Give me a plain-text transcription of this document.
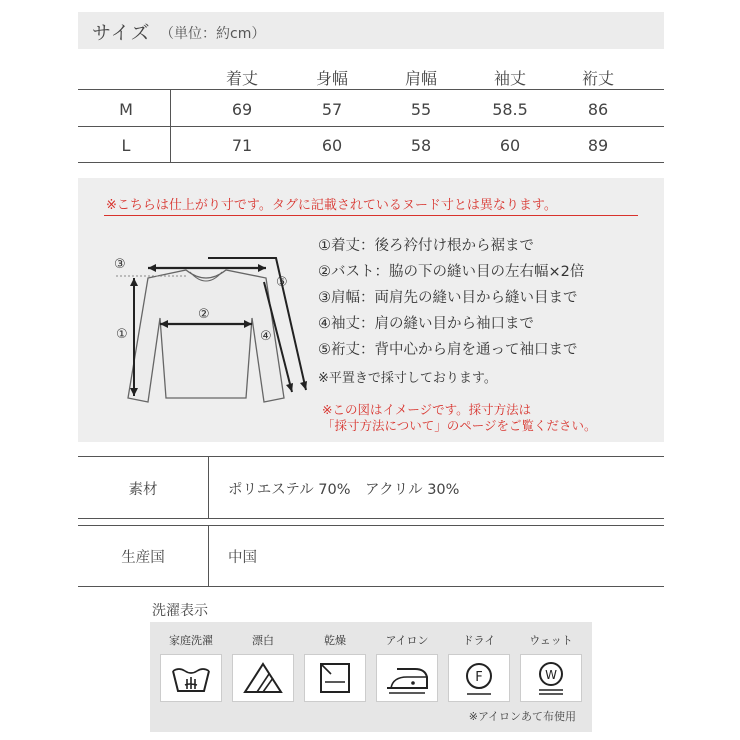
サイズ （単位：約cm）
着丈	身幅	肩幅	袖丈	裄丈
M	69	57	55	58.5	86
L	71	60	58	60	89
※こちらは仕上がり寸です。タグに記載されているヌード寸とは異なります。
③
①
②
④
⑤
①着丈：後ろ衿付け根から裾まで
②バスト：脇の下の縫い目の左右幅×2倍
③肩幅：両肩先の縫い目から縫い目まで
④袖丈：肩の縫い目から袖口まで
⑤裄丈：背中心から肩を通って袖口まで
※平置きで採寸しております。
※この図はイメージです。採寸方法は
「採寸方法について」のページをご覧ください。
素材	ポリエステル 70%　アクリル 30%
生産国	中国
洗濯表示
家庭洗濯	漂白	乾燥	アイロン	ドライ
F
ウェット
W
※アイロンあて布使用
